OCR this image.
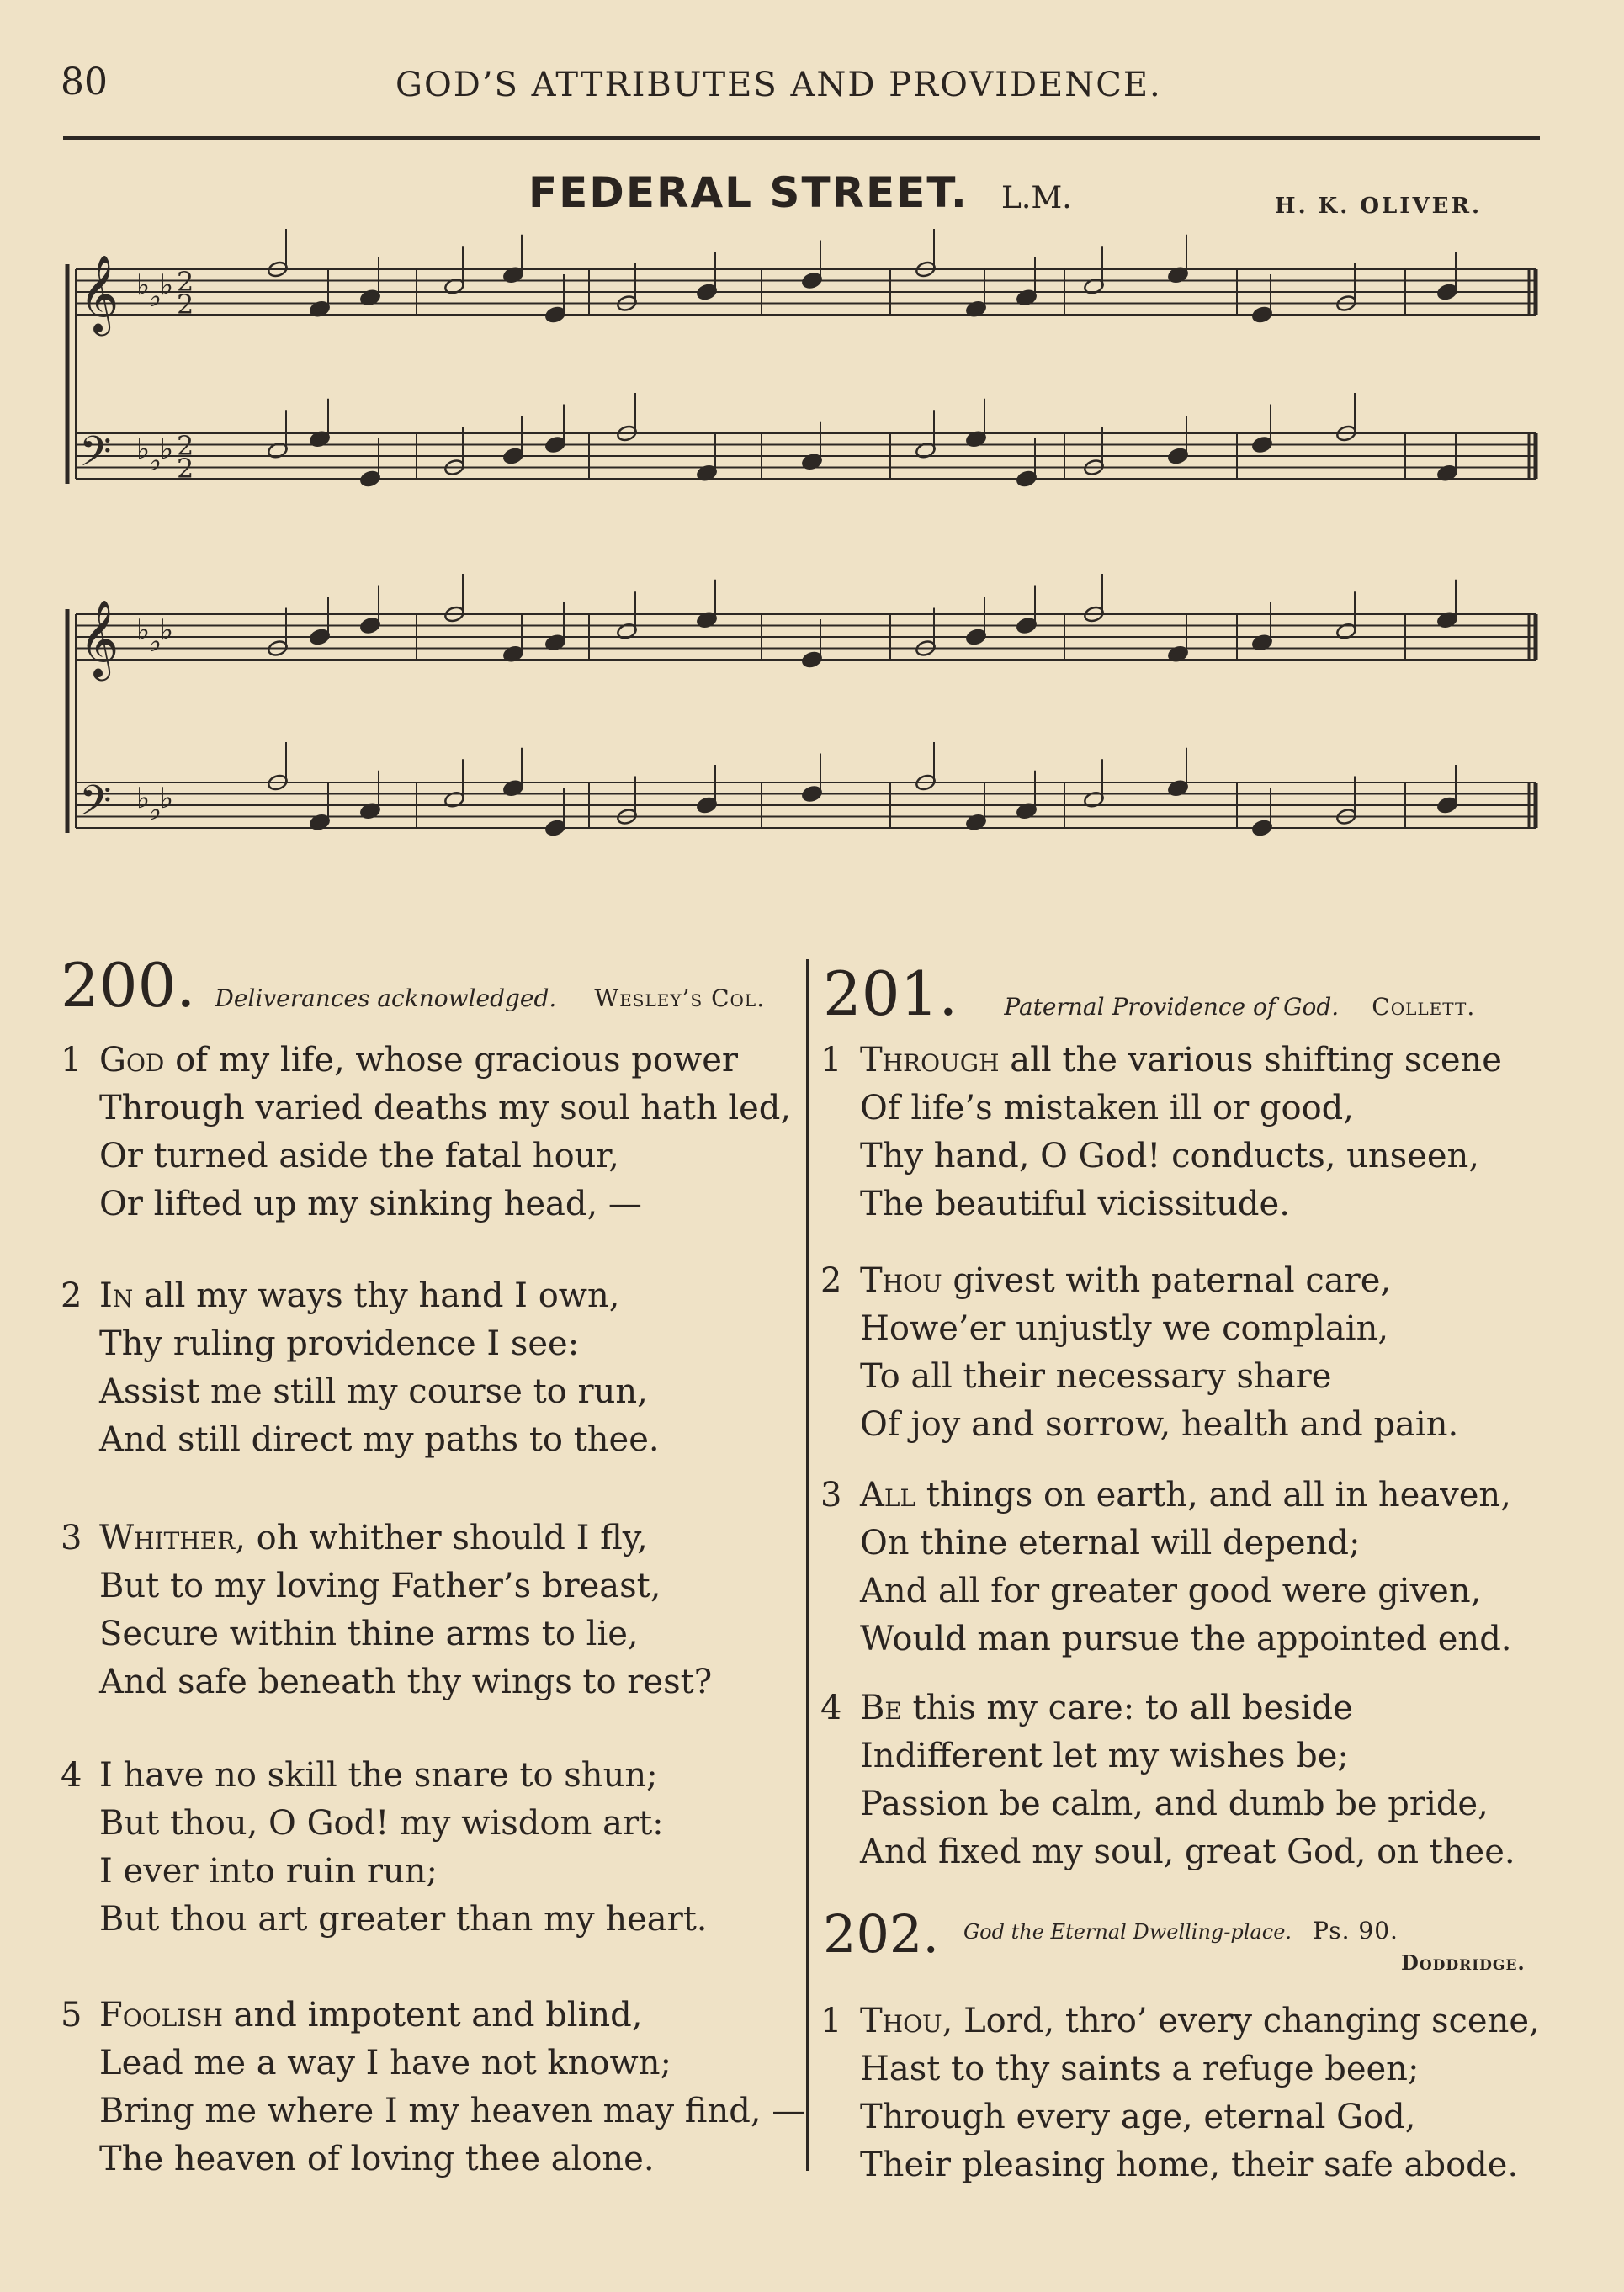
80	GOD’S ATTRIBUTES AND PROVIDENCE.
FEDERAL STREET. L.M.	H. K. OLIVER.
𝄞 ♭
♭
♭ 2
2
𝄢 ♭
♭
♭ 2
2
𝄞 ♭
♭
♭
𝄢 ♭
♭
♭
200. Deliverances acknowledged. Wesley’s Col. 201. Paternal Providence of God. Collett.
202. God the Eternal Dwelling-place. Ps. 90.
Doddridge.
1 God of my life, whose gracious power
Through varied deaths my soul hath led,
Or turned aside the fatal hour,
Or lifted up my sinking head, —
2 In all my ways thy hand I own,
Thy ruling providence I see:
Assist me still my course to run,
And still direct my paths to thee.
3 Whither, oh whither should I fly,
But to my loving Father’s breast,
Secure within thine arms to lie,
And safe beneath thy wings to rest?
4 I have no skill the snare to shun;
But thou, O God! my wisdom art:
I ever into ruin run;
But thou art greater than my heart.
5 Foolish and impotent and blind,
Lead me a way I have not known;
Bring me where I my heaven may find, —
The heaven of loving thee alone.
1 Through all the various shifting scene
Of life’s mistaken ill or good,
Thy hand, O God! conducts, unseen,
The beautiful vicissitude.
2 Thou givest with paternal care,
Howe’er unjustly we complain,
To all their necessary share
Of joy and sorrow, health and pain.
3 All things on earth, and all in heaven,
On thine eternal will depend;
And all for greater good were given,
Would man pursue the appointed end.
4 Be this my care: to all beside
Indifferent let my wishes be;
Passion be calm, and dumb be pride,
And fixed my soul, great God, on thee.
1 Thou, Lord, thro’ every changing scene,
Hast to thy saints a refuge been;
Through every age, eternal God,
Their pleasing home, their safe abode.
